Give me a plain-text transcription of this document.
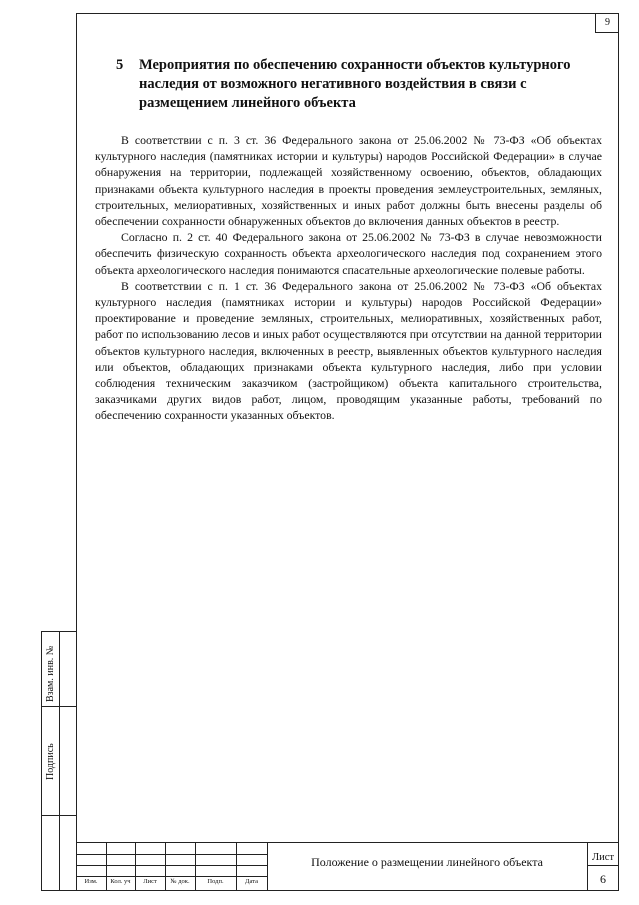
9
Взам. инв. №
Подпись
5 Мероприятия по обеспечению сохранности объектов культурного наследия от возможного негативного воздействия в связи с размещением линейного объекта

В соответствии с п. 3 ст. 36 Федерального закона от 25.06.2002 № 73-ФЗ «Об объектах культурного наследия (памятниках истории и культуры) народов Российской Федерации» в случае обнаружения на территории, подлежащей хозяйственному освоению, объектов, обладающих признаками объекта культурного наследия в проекты проведения землеустроительных, земляных, строительных, мелиоративных, хозяйственных и иных работ должны быть внесены разделы об обеспечении сохранности обнаруженных объектов до включения данных объектов в реестр.

Согласно п. 2 ст. 40 Федерального закона от 25.06.2002 № 73-ФЗ в случае невозможности обеспечить физическую сохранность объекта археологического наследия под сохранением этого объекта археологического наследия понимаются спасательные археологические полевые работы.

В соответствии с п. 1 ст. 36 Федерального закона от 25.06.2002 № 73-ФЗ «Об объектах культурного наследия (памятниках истории и культуры) народов Российской Федерации» проектирование и проведение земляных, строительных, мелиоративных, хозяйственных работ, работ по использованию лесов и иных работ осуществляются при отсутствии на данной территории объектов культурного наследия, включенных в реестр, выявленных объектов культурного наследия или объектов, обладающих признаками объекта культурного наследия, либо при условии соблюдения техническим заказчиком (застройщиком) объекта капитального строительства, заказчиками других видов работ, лицом, проводящим указанные работы, требований по обеспечению сохранности указанных объектов.

Изм.	Кол. уч	Лист	№ док.	Подп.	Дата
Положение о размещении линейного объекта	Лист
6
